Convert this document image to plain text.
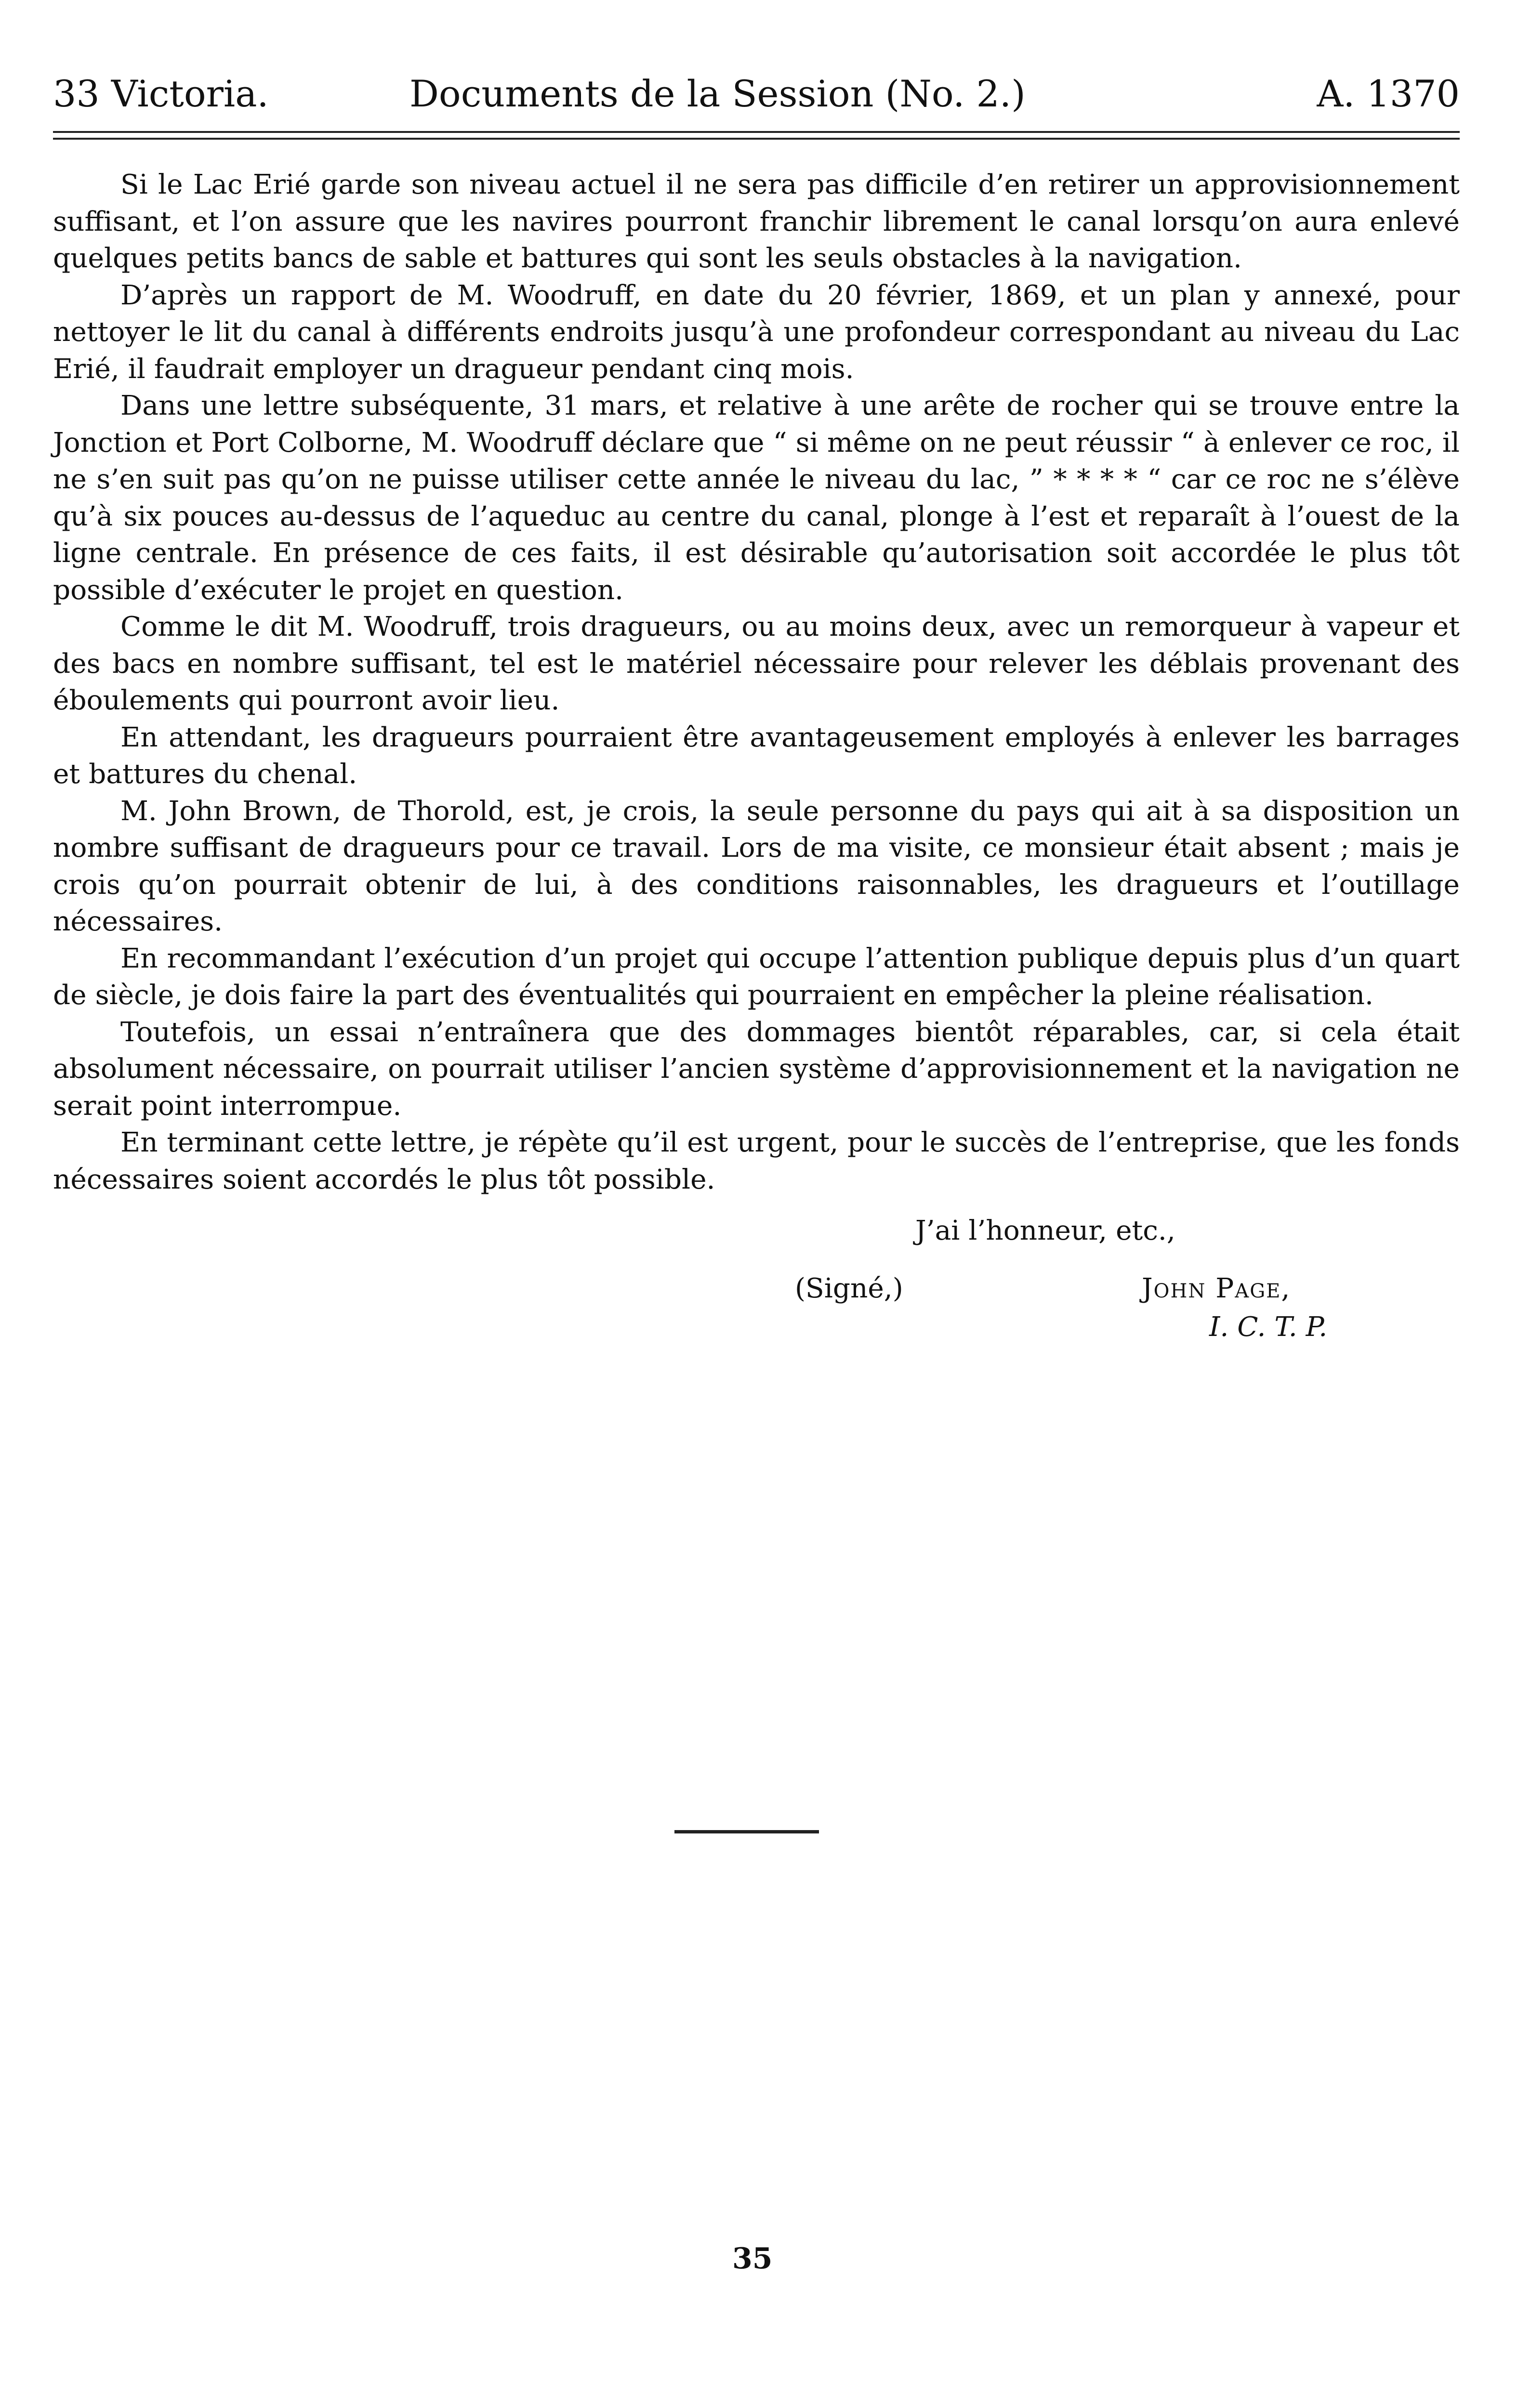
33 Victoria.	Documents de la Session (No. 2.)	A. 1370

Si le Lac Erié garde son niveau actuel il ne sera pas difficile d’en retirer un approvisionnement suffisant, et l’on assure que les navires pourront franchir librement le canal lorsqu’on aura enlevé quelques petits bancs de sable et battures qui sont les seuls obstacles à la navigation.

D’après un rapport de M. Woodruff, en date du 20 février, 1869, et un plan y annexé, pour nettoyer le lit du canal à différents endroits jusqu’à une profondeur correspondant au niveau du Lac Erié, il faudrait employer un dragueur pendant cinq mois.

Dans une lettre subséquente, 31 mars, et relative à une arête de rocher qui se trouve entre la Jonction et Port Colborne, M. Woodruff déclare que “ si même on ne peut réussir “ à enlever ce roc, il ne s’en suit pas qu’on ne puisse utiliser cette année le niveau du lac, ” * * * * “ car ce roc ne s’élève qu’à six pouces au-dessus de l’aqueduc au centre du canal, plonge à l’est et reparaît à l’ouest de la ligne centrale. En présence de ces faits, il est désirable qu’autorisation soit accordée le plus tôt possible d’exécuter le projet en question.

Comme le dit M. Woodruff, trois dragueurs, ou au moins deux, avec un remorqueur à vapeur et des bacs en nombre suffisant, tel est le matériel nécessaire pour relever les déblais provenant des éboulements qui pourront avoir lieu.

En attendant, les dragueurs pourraient être avantageusement employés à enlever les barrages et battures du chenal.

M. John Brown, de Thorold, est, je crois, la seule personne du pays qui ait à sa disposition un nombre suffisant de dragueurs pour ce travail. Lors de ma visite, ce monsieur était absent ; mais je crois qu’on pourrait obtenir de lui, à des conditions raisonnables, les dragueurs et l’outillage nécessaires.

En recommandant l’exécution d’un projet qui occupe l’attention publique depuis plus d’un quart de siècle, je dois faire la part des éventualités qui pourraient en empêcher la pleine réalisation.

Toutefois, un essai n’entraînera que des dommages bientôt réparables, car, si cela était absolument nécessaire, on pourrait utiliser l’ancien système d’approvisionnement et la navigation ne serait point interrompue.

En terminant cette lettre, je répète qu’il est urgent, pour le succès de l’entreprise, que les fonds nécessaires soient accordés le plus tôt possible.

J’ai l’honneur, etc.,
(Signé,)	John Page,
I. C. T. P.
35
